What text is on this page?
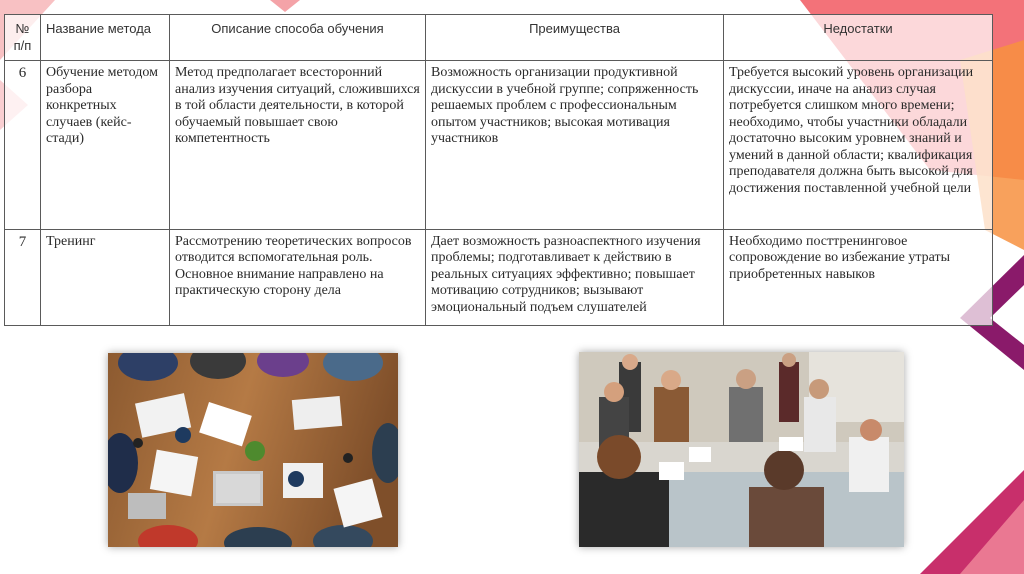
№ п/п	Название метода	Описание способа обучения	Преимущества	Недостатки
6	Обучение методом разбора конкретных случаев (кейс-стади)	Метод предполагает всесторонний анализ изучения ситуаций, сложившихся в той области деятельности, в которой обучаемый повышает свою компетентность	Возможность организации продуктивной дискуссии в учебной группе; сопряженность решаемых проблем с профессиональным опытом участников; высокая мотивация участников	Требуется высокий уровень организации дискуссии, иначе на анализ случая потребуется слишком много времени; необходимо, чтобы участники обладали достаточно высоким уровнем знаний и умений в данной области; квалификация преподавателя должна быть высокой для достижения поставленной учебной цели
7	Тренинг	Рассмотрению теоретических вопросов отводится вспомогательная роль. Основное внимание направлено на практическую сторону дела	Дает возможность разноаспектного изучения проблемы; подготавливает к действию в реальных ситуациях эффективно; повышает мотивацию сотрудников; вызывают эмоциональный подъем слушателей	Необходимо посттренинговое сопровождение во избежание утраты приобретенных навыков
